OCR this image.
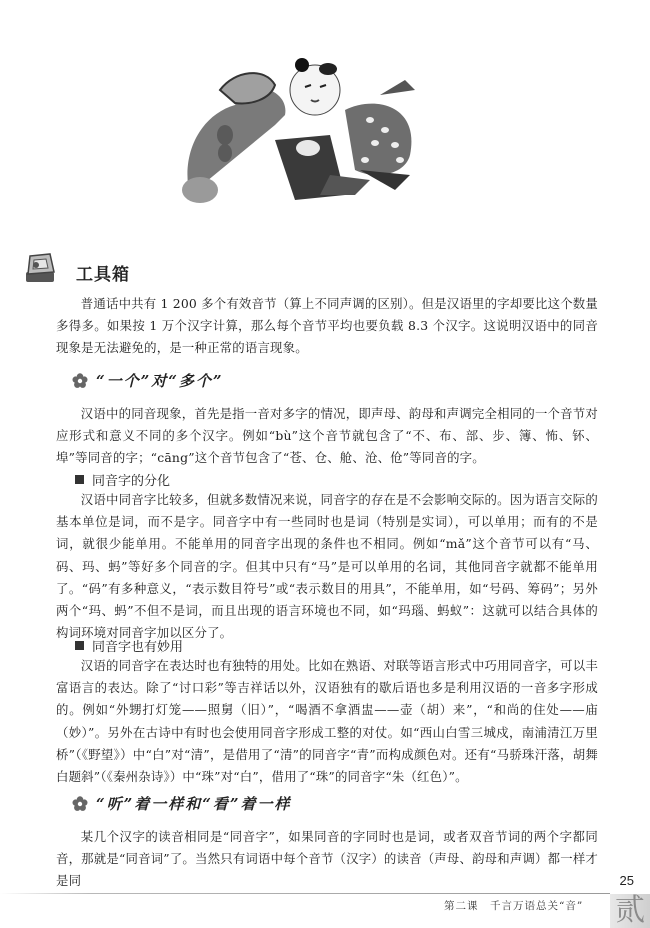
工具箱

普通话中共有 1 200 多个有效音节（算上不同声调的区别）。但是汉语里的字却要比这个数量多得多。如果按 1 万个汉字计算，那么每个音节平均也要负载 8.3 个汉字。这说明汉语中的同音现象是无法避免的，是一种正常的语言现象。

“一个”对“多个”

汉语中的同音现象，首先是指一音对多字的情况，即声母、韵母和声调完全相同的一个音节对应形式和意义不同的多个汉字。例如“bù”这个音节就包含了“不、布、部、步、簿、怖、钚、埠”等同音的字；“cāng”这个音节包含了“苍、仓、舱、沧、伧”等同音的字。

同音字的分化

汉语中同音字比较多，但就多数情况来说，同音字的存在是不会影响交际的。因为语言交际的基本单位是词，而不是字。同音字中有一些同时也是词（特别是实词），可以单用；而有的不是词，就很少能单用。不能单用的同音字出现的条件也不相同。例如“mǎ”这个音节可以有“马、码、玛、蚂”等好多个同音的字。但其中只有“马”是可以单用的名词，其他同音字就都不能单用了。“码”有多种意义，“表示数目符号”或“表示数目的用具”，不能单用，如“号码、筹码”；另外两个“玛、蚂”不但不是词，而且出现的语言环境也不同，如“玛瑙、蚂蚁”：这就可以结合具体的构词环境对同音字加以区分了。

同音字也有妙用

汉语的同音字在表达时也有独特的用处。比如在熟语、对联等语言形式中巧用同音字，可以丰富语言的表达。除了“讨口彩”等吉祥话以外，汉语独有的歇后语也多是利用汉语的一音多字形成的。例如“外甥打灯笼——照舅（旧）”，“喝酒不拿酒盅——壶（胡）来”，“和尚的住处——庙（妙）”。另外在古诗中有时也会使用同音字形成工整的对仗。如“西山白雪三城戍，南浦清江万里桥”（《野望》）中“白”对“清”，是借用了“清”的同音字“青”而构成颜色对。还有“马骄珠汗落，胡舞白题斜”（《秦州杂诗》）中“珠”对“白”，借用了“珠”的同音字“朱（红色）”。

“听”着一样和“看”着一样

某几个汉字的读音相同是“同音字”，如果同音的字同时也是词，或者双音节词的两个字都同音，那就是“同音词”了。当然只有词语中每个音节（汉字）的读音（声母、韵母和声调）都一样才是同	25
第二课　千言万语总关“音” 贰
